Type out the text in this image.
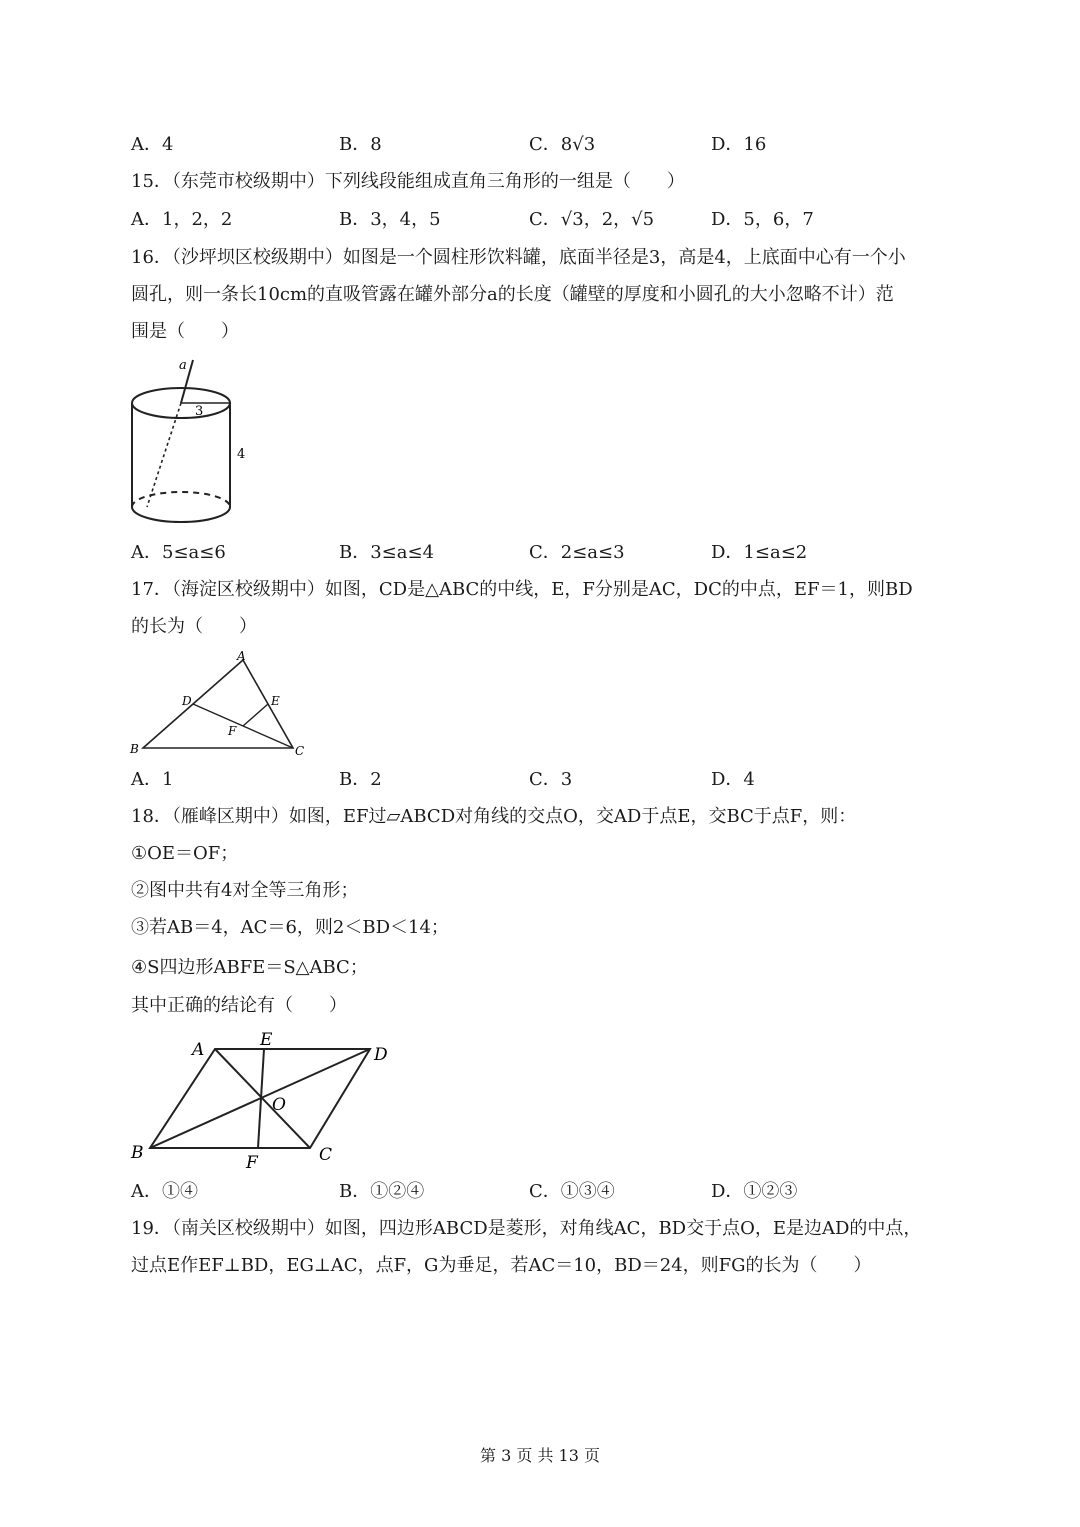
A．4	B．8	C．8√3	D．16
15．（东莞市校级期中）下列线段能组成直角三角形的一组是（　　）
A．1，2，2	B．3，4，5	C．√3，2，√5	D．5，6，7
16．（沙坪坝区校级期中）如图是一个圆柱形饮料罐，底面半径是3，高是4，上底面中心有一个小
圆孔，则一条长10cm的直吸管露在罐外部分a的长度（罐壁的厚度和小圆孔的大小忽略不计）范
围是（　　）
a
3
4
A．5≤a≤6	B．3≤a≤4	C．2≤a≤3	D．1≤a≤2
17．（海淀区校级期中）如图，CD是△ABC的中线，E，F分别是AC，DC的中点，EF＝1，则BD
的长为（　　）
A
B	C
D	E
F
A．1	B．2	C．3	D．4
18．（雁峰区期中）如图，EF过▱ABCD对角线的交点O，交AD于点E，交BC于点F，则：
①OE＝OF；
②图中共有4对全等三角形；
③若AB＝4，AC＝6，则2＜BD＜14；
④S四边形ABFE＝S△ABC；
其中正确的结论有（　　）
A	E
D
O
B	F	C
A．①④	B．①②④	C．①③④	D．①②③
19．（南关区校级期中）如图，四边形ABCD是菱形，对角线AC，BD交于点O，E是边AD的中点，
过点E作EF⊥BD，EG⊥AC，点F，G为垂足，若AC＝10，BD＝24，则FG的长为（　　）
第 3 页 共 13 页
